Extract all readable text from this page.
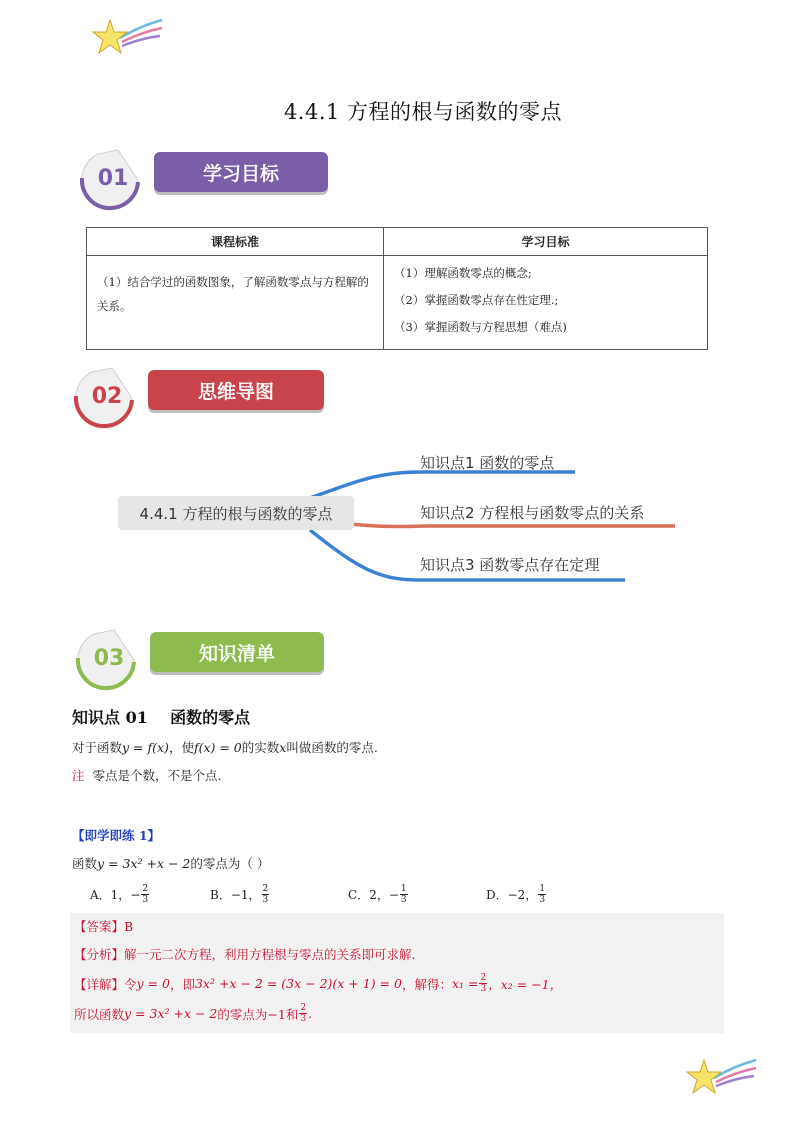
4.4.1 方程的根与函数的零点
01	学习目标
课程标准	学习目标
（1）结合学过的函数图象，了解函数零点与方程解的关系。	（1）理解函数零点的概念;
（2）掌握函数零点存在性定理.;
（3）掌握函数与方程思想（难点)
02	思维导图
4.4.1 方程的根与函数的零点
知识点1 函数的零点
知识点2 方程根与函数零点的关系
知识点3 函数零点存在定理
03	知识清单
知识点 01    函数的零点
对于函数y = f(x)，使f(x) = 0的实数x叫做函数的零点.
注 零点是个数，不是个点.
【即学即练 1】
函数y = 3x² +x − 2的零点为（ ）
A． 1，− $\frac{2}{3}$	B． −1， $\frac{2}{3}$	C． 2，− $\frac{1}{3}$	D． −2， $\frac{1}{3}$
【答案】B
【分析】解一元二次方程，利用方程根与零点的关系即可求解.
【详解】令 y = 0 ，即 3x² +x − 2 = (3x − 2)(x + 1) = 0 ，解得： $x_1 = \frac{2}{3}$ ，x₂ = −1，
所以函数 y = 3x² +x − 2 的零点为 −1和 $\frac{2}{3}$ .
